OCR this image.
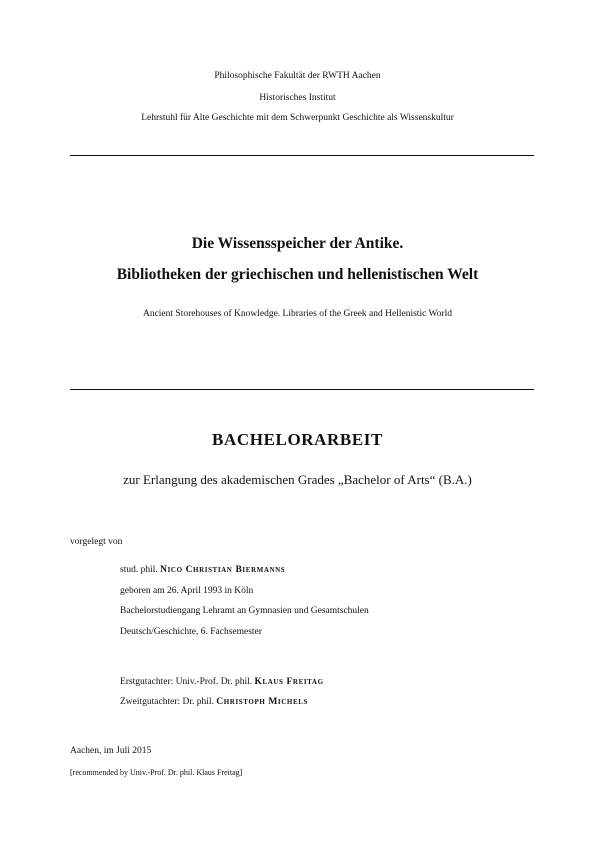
Philosophische Fakultät der RWTH Aachen
Historisches Institut
Lehrstuhl für Alte Geschichte mit dem Schwerpunkt Geschichte als Wissenskultur
Die Wissensspeicher der Antike.
Bibliotheken der griechischen und hellenistischen Welt
Ancient Storehouses of Knowledge. Libraries of the Greek and Hellenistic World
BACHELORARBEIT
zur Erlangung des akademischen Grades „Bachelor of Arts“ (B.A.)
vorgelegt von
stud. phil. Nico Christian Biermanns
geboren am 26. April 1993 in Köln
Bachelorstudiengang Lehramt an Gymnasien und Gesamtschulen
Deutsch/Geschichte, 6. Fachsemester
Erstgutachter: Univ.-Prof. Dr. phil. Klaus Freitag
Zweitgutachter: Dr. phil. Christoph Michels
Aachen, im Juli 2015
[recommended by Univ.-Prof. Dr. phil. Klaus Freitag]
